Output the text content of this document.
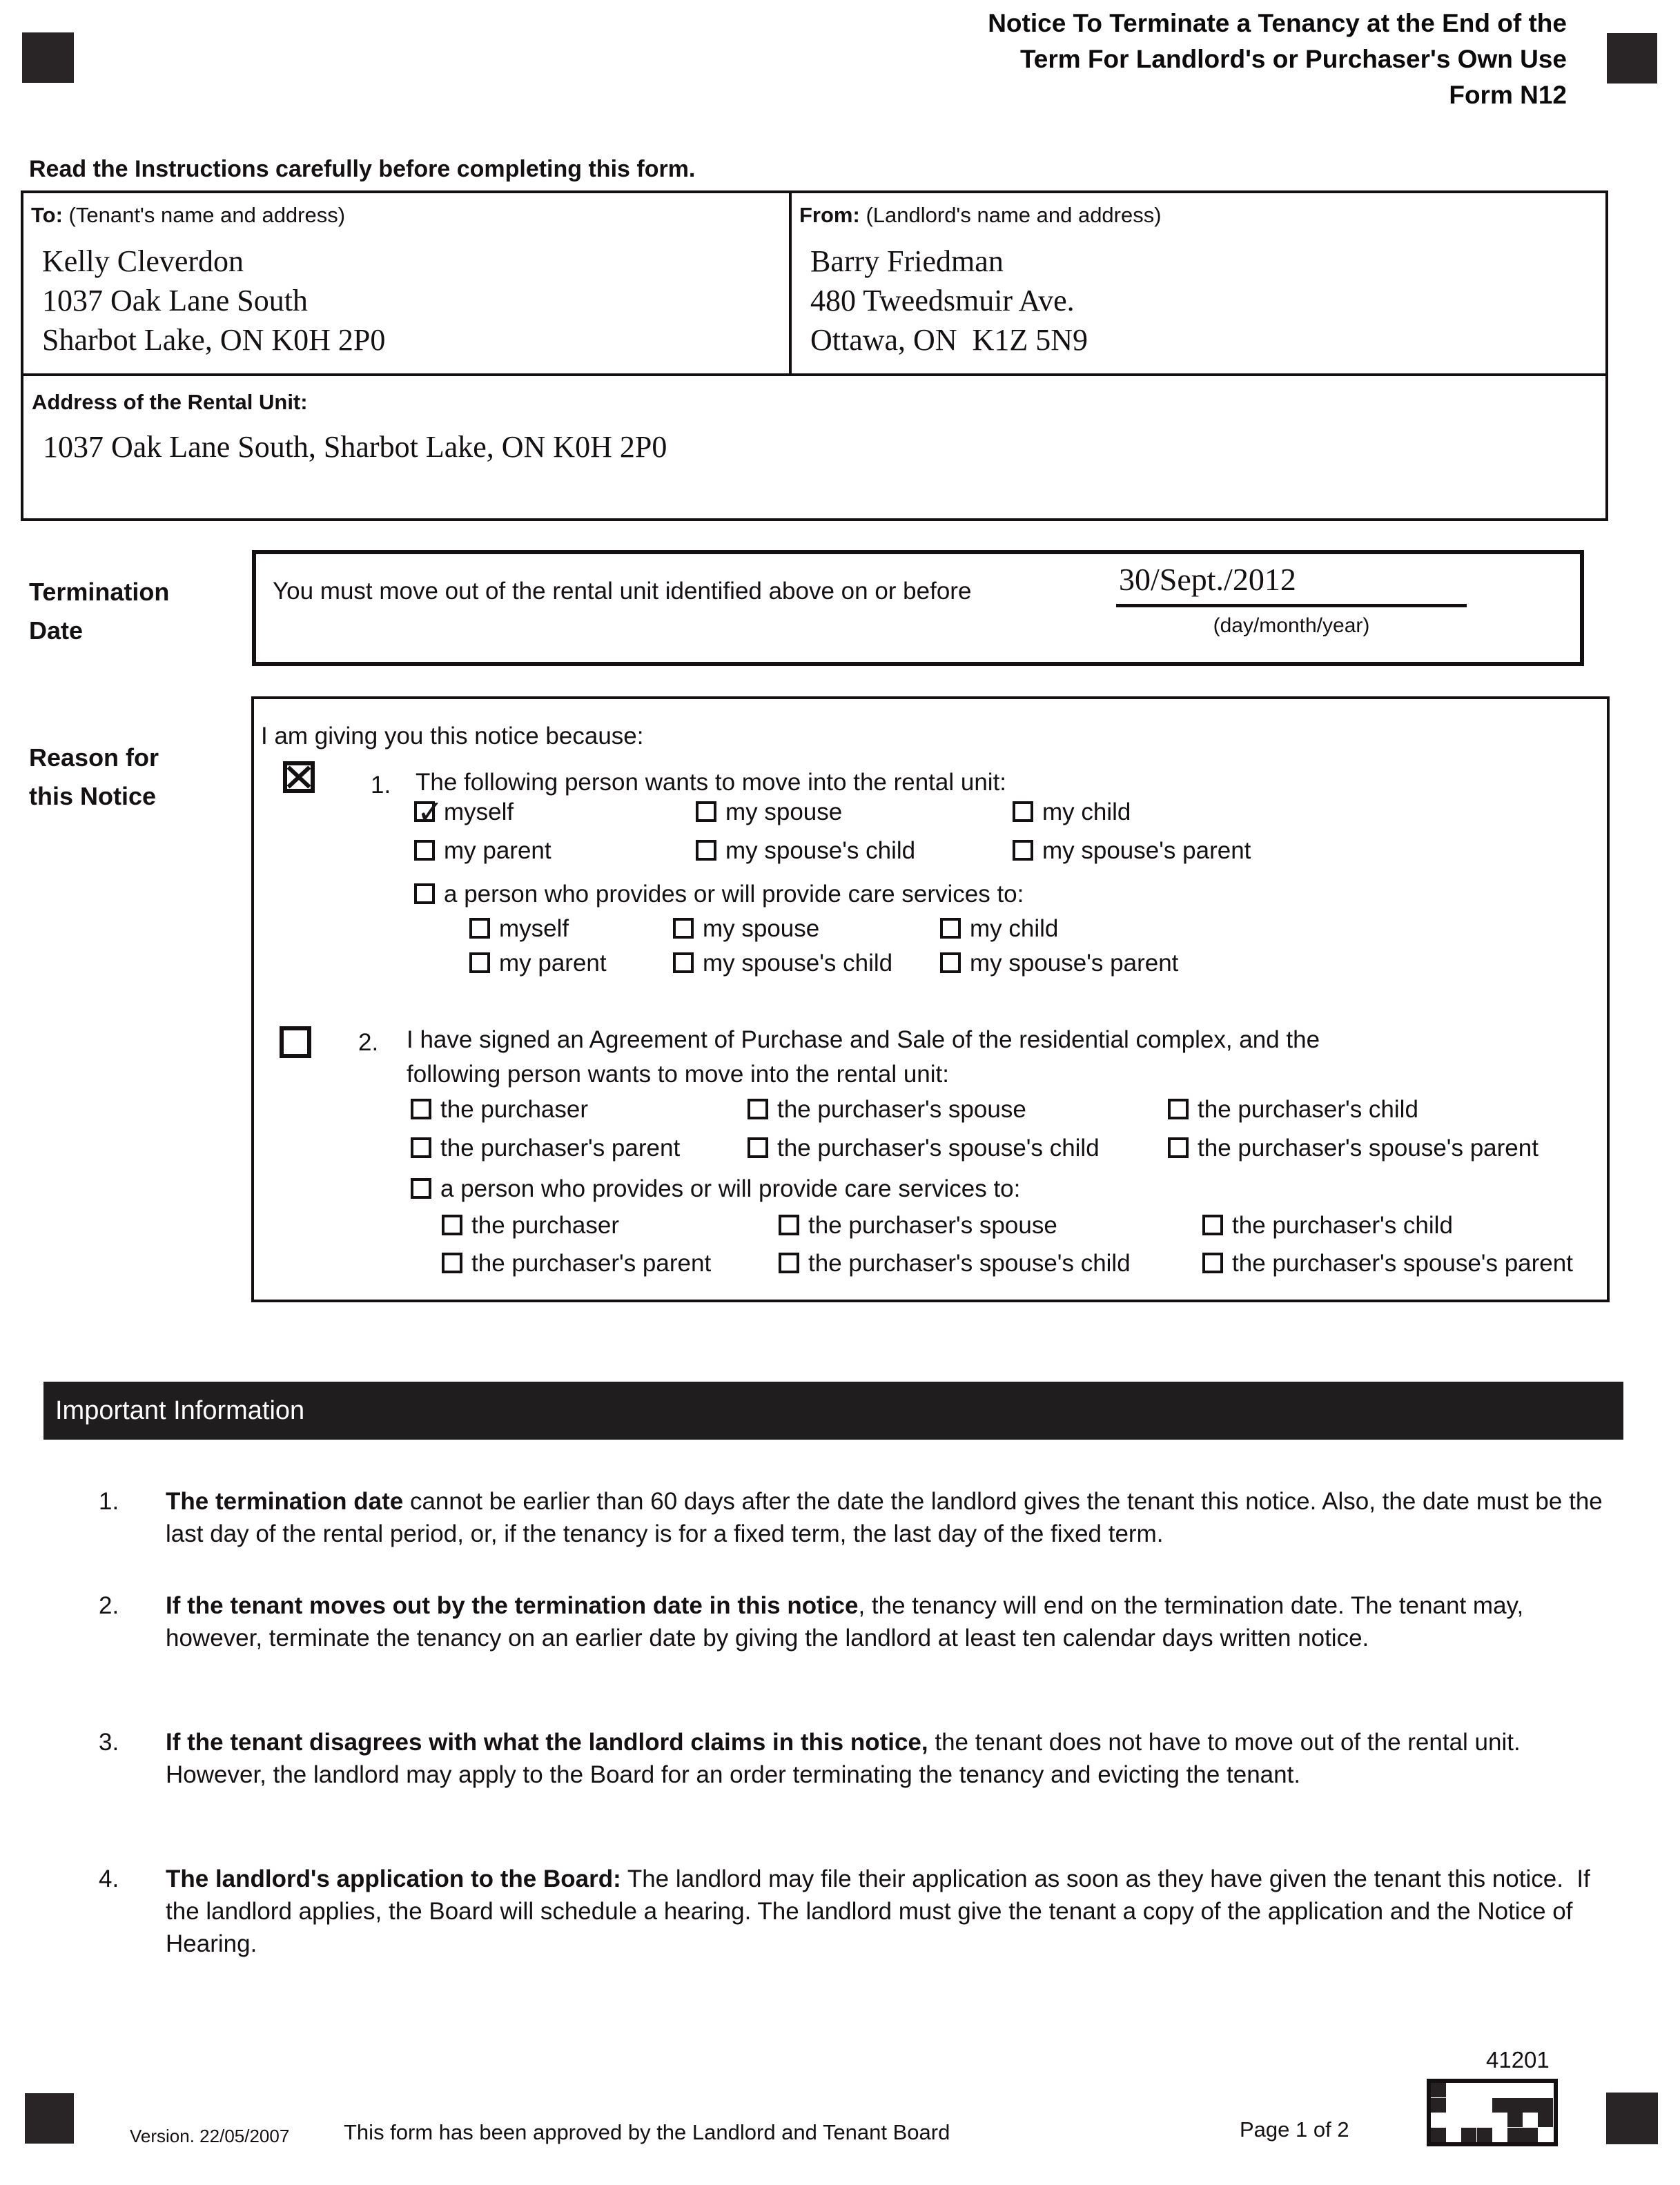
Notice To Terminate a Tenancy at the End of the
Term For Landlord's or Purchaser's Own Use
Form N12
Read the Instructions carefully before completing this form.
To: (Tenant's name and address)
Kelly Cleverdon
1037 Oak Lane South
Sharbot Lake, ON K0H 2P0
From: (Landlord's name and address)
Barry Friedman
480 Tweedsmuir Ave.
Ottawa, ON  K1Z 5N9
Address of the Rental Unit:
1037 Oak Lane South, Sharbot Lake, ON K0H 2P0
Termination
Date
You must move out of the rental unit identified above on or before	30/Sept./2012
(day/month/year)
Reason for
this Notice
I am giving you this notice because:
1. The following person wants to move into the rental unit:
✓ myself	my spouse	my child
my parent	my spouse's child	my spouse's parent
a person who provides or will provide care services to:
myself	my spouse	my child
my parent	my spouse's child	my spouse's parent
2. I have signed an Agreement of Purchase and Sale of the residential complex, and the
following person wants to move into the rental unit:
the purchaser	the purchaser's spouse	the purchaser's child
the purchaser's parent	the purchaser's spouse's child	the purchaser's spouse's parent
a person who provides or will provide care services to:
the purchaser	the purchaser's spouse	the purchaser's child
the purchaser's parent	the purchaser's spouse's child	the purchaser's spouse's parent
Important Information
1. The termination date cannot be earlier than 60 days after the date the landlord gives the tenant this notice. Also, the date must be the last day of the rental period, or, if the tenancy is for a fixed term, the last day of the fixed term.
2. If the tenant moves out by the termination date in this notice, the tenancy will end on the termination date. The tenant may, however, terminate the tenancy on an earlier date by giving the landlord at least ten calendar days written notice.
3. If the tenant disagrees with what the landlord claims in this notice, the tenant does not have to move out of the rental unit. However, the landlord may apply to the Board for an order terminating the tenancy and evicting the tenant.
4. The landlord's application to the Board: The landlord may file their application as soon as they have given the tenant this notice.  If the landlord applies, the Board will schedule a hearing. The landlord must give the tenant a copy of the application and the Notice of Hearing.
41201
Version. 22/05/2007	This form has been approved by the Landlord and Tenant Board	Page 1 of 2
